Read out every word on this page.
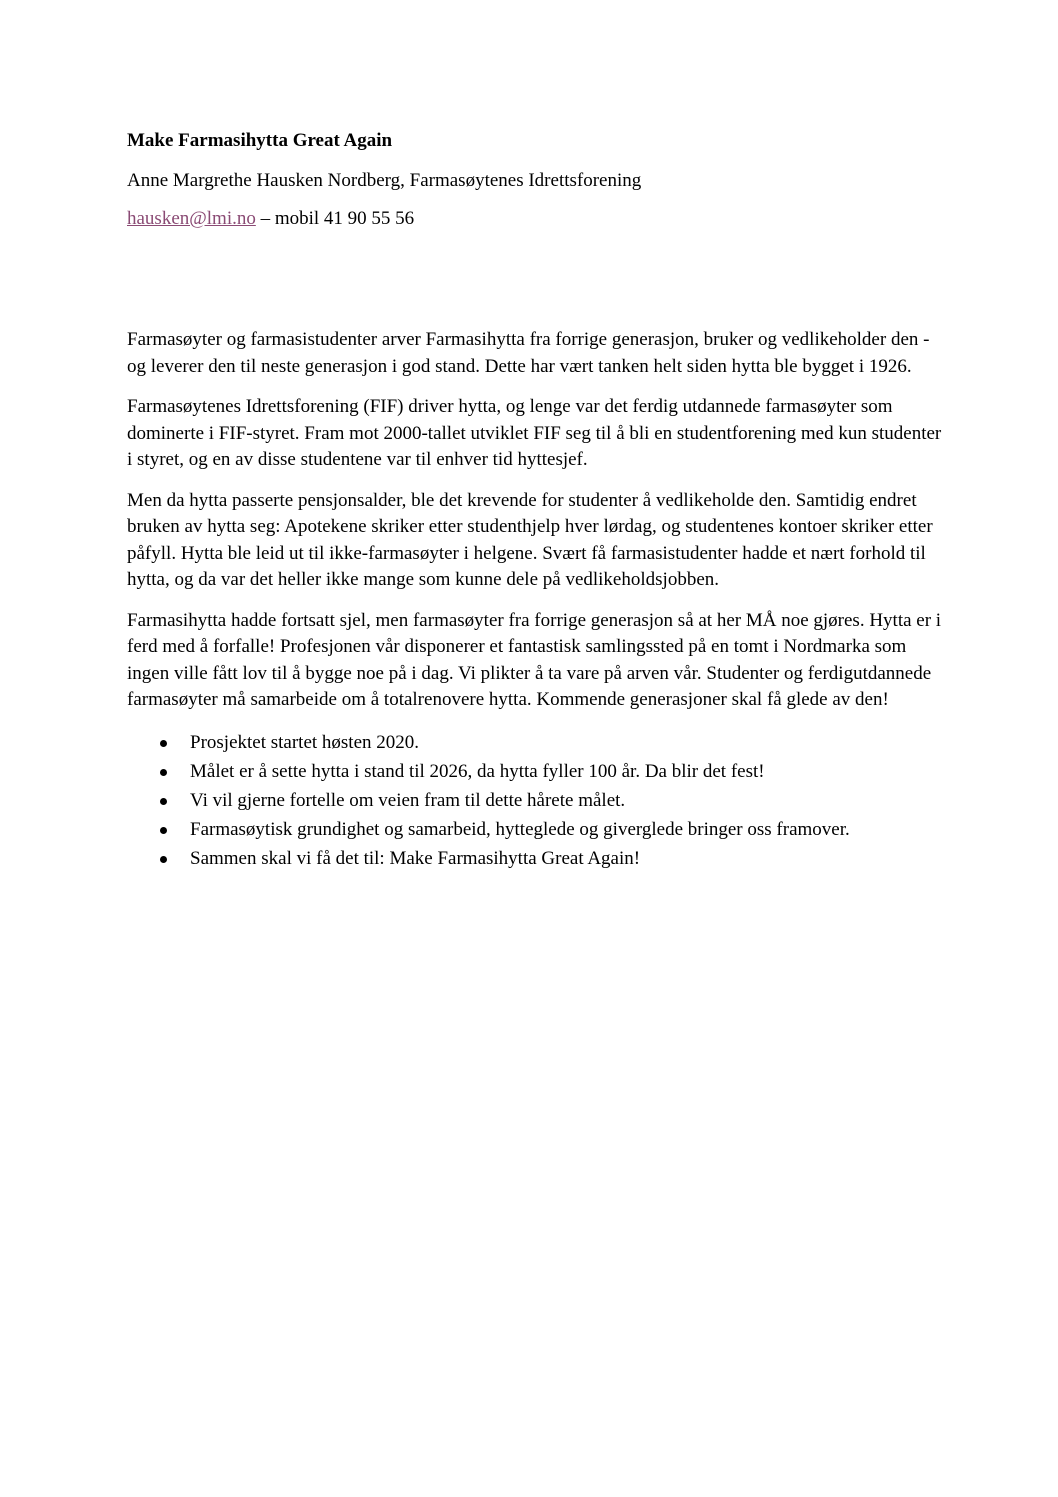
Make Farmasihytta Great Again

Anne Margrethe Hausken Nordberg, Farmasøytenes Idrettsforening

hausken@lmi.no – mobil 41 90 55 56

Farmasøyter og farmasistudenter arver Farmasihytta fra forrige generasjon, bruker og vedlikeholder den - og leverer den til neste generasjon i god stand. Dette har vært tanken helt siden hytta ble bygget i 1926.

Farmasøytenes Idrettsforening (FIF) driver hytta, og lenge var det ferdig utdannede farmasøyter som dominerte i FIF-styret. Fram mot 2000-tallet utviklet FIF seg til å bli en studentforening med kun studenter i styret, og en av disse studentene var til enhver tid hyttesjef.

Men da hytta passerte pensjonsalder, ble det krevende for studenter å vedlikeholde den. Samtidig endret bruken av hytta seg: Apotekene skriker etter studenthjelp hver lørdag, og studentenes kontoer skriker etter påfyll. Hytta ble leid ut til ikke-farmasøyter i helgene. Svært få farmasistudenter hadde et nært forhold til hytta, og da var det heller ikke mange som kunne dele på vedlikeholdsjobben.

Farmasihytta hadde fortsatt sjel, men farmasøyter fra forrige generasjon så at her MÅ noe gjøres. Hytta er i ferd med å forfalle! Profesjonen vår disponerer et fantastisk samlingssted på en tomt i Nordmarka som ingen ville fått lov til å bygge noe på i dag. Vi plikter å ta vare på arven vår. Studenter og ferdigutdannede farmasøyter må samarbeide om å totalrenovere hytta. Kommende generasjoner skal få glede av den!

Prosjektet startet høsten 2020.
Målet er å sette hytta i stand til 2026, da hytta fyller 100 år. Da blir det fest!
Vi vil gjerne fortelle om veien fram til dette hårete målet.
Farmasøytisk grundighet og samarbeid, hytteglede og giverglede bringer oss framover.
Sammen skal vi få det til: Make Farmasihytta Great Again!
